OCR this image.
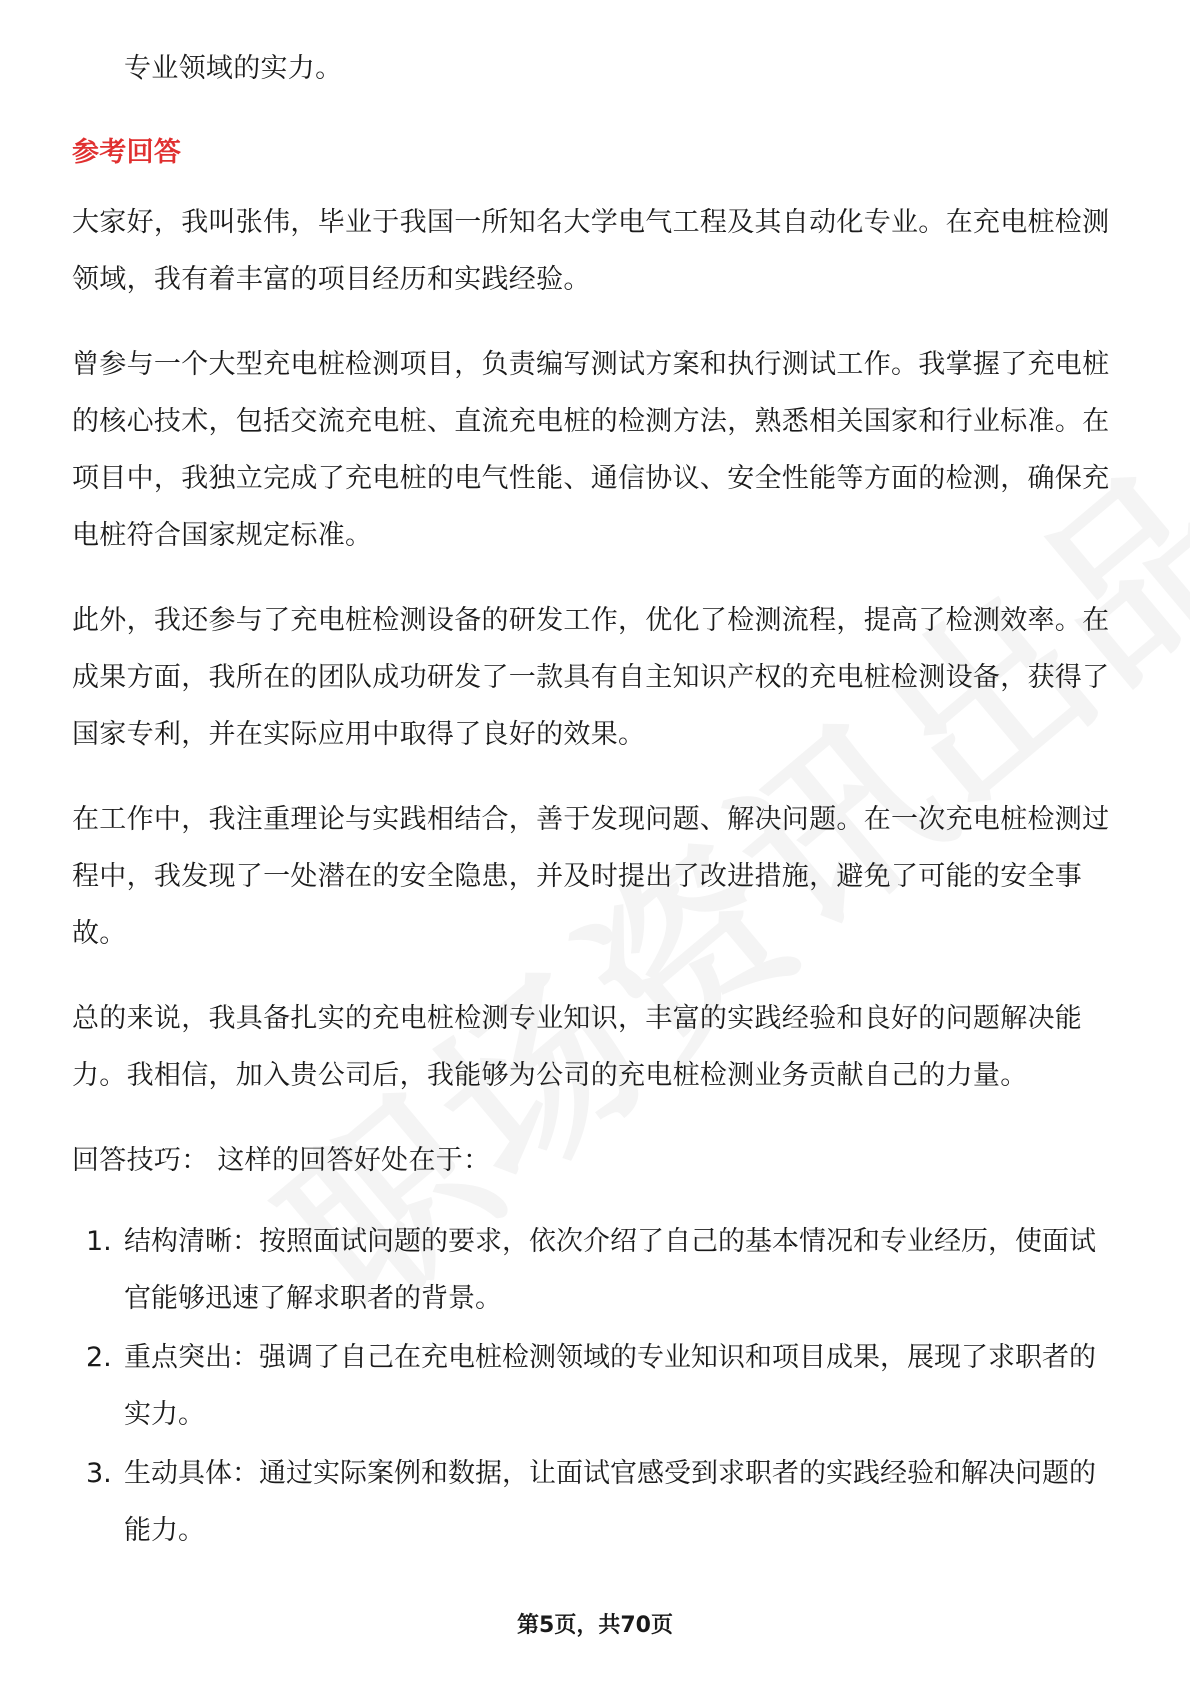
专业领域的实力。

参考回答

大家好，我叫张伟，毕业于我国一所知名大学电气工程及其自动化专业。在充电桩检测领域，我有着丰富的项目经历和实践经验。

曾参与一个大型充电桩检测项目，负责编写测试方案和执行测试工作。我掌握了充电桩的核心技术，包括交流充电桩、直流充电桩的检测方法，熟悉相关国家和行业标准。在项目中，我独立完成了充电桩的电气性能、通信协议、安全性能等方面的检测，确保充电桩符合国家规定标准。

此外，我还参与了充电桩检测设备的研发工作，优化了检测流程，提高了检测效率。在成果方面，我所在的团队成功研发了一款具有自主知识产权的充电桩检测设备，获得了国家专利，并在实际应用中取得了良好的效果。

在工作中，我注重理论与实践相结合，善于发现问题、解决问题。在一次充电桩检测过程中，我发现了一处潜在的安全隐患，并及时提出了改进措施，避免了可能的安全事故。

总的来说，我具备扎实的充电桩检测专业知识，丰富的实践经验和良好的问题解决能力。我相信，加入贵公司后，我能够为公司的充电桩检测业务贡献自己的力量。

回答技巧： 这样的回答好处在于：

1. 结构清晰：按照面试问题的要求，依次介绍了自己的基本情况和专业经历，使面试官能够迅速了解求职者的背景。
2. 重点突出：强调了自己在充电桩检测领域的专业知识和项目成果，展现了求职者的实力。
3. 生动具体：通过实际案例和数据，让面试官感受到求职者的实践经验和解决问题的能力。
第5页，共70页
